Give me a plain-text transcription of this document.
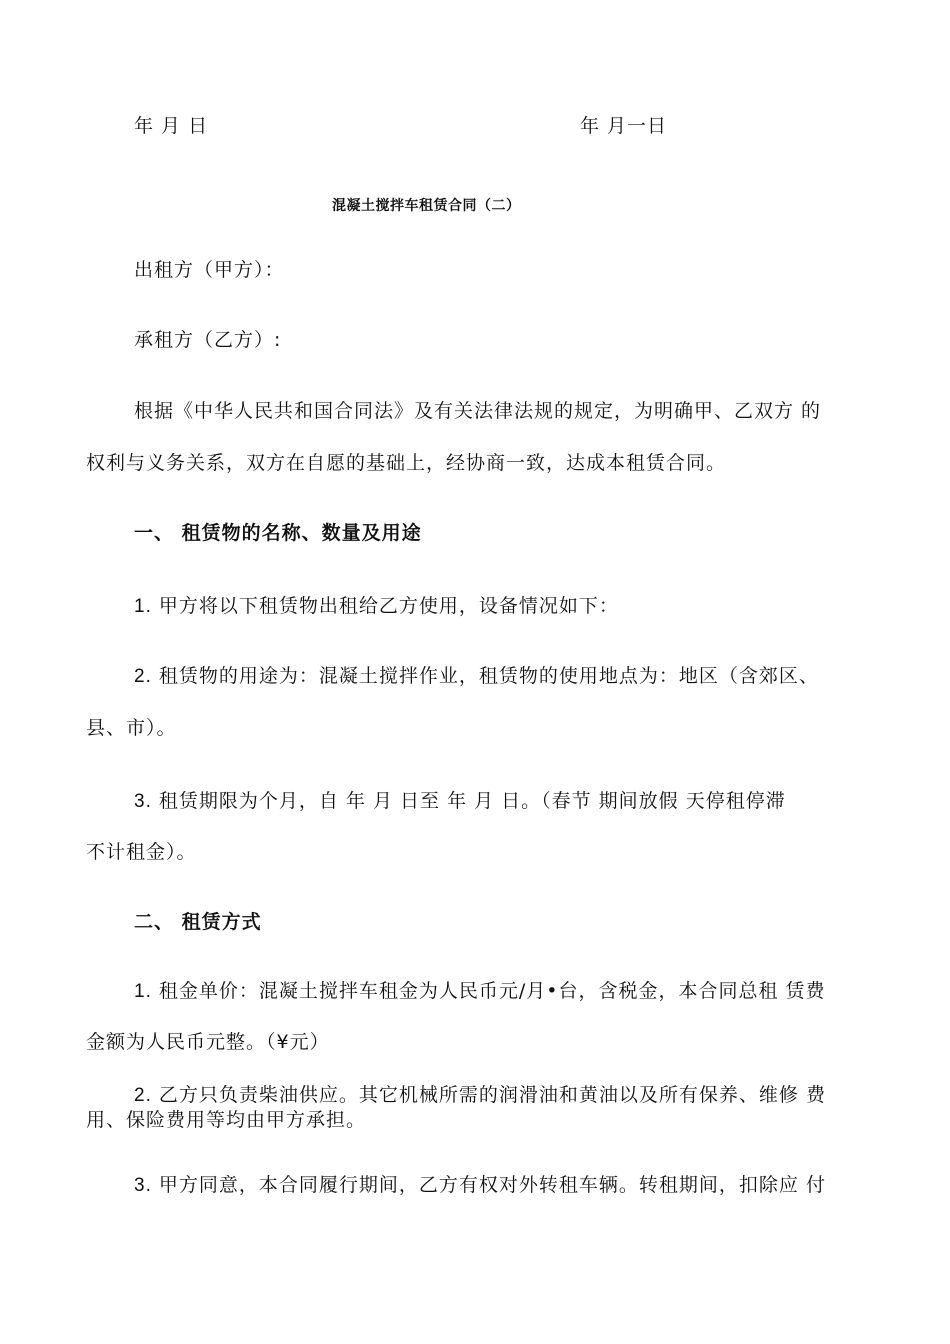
年 月 日	年 月一日
混凝土搅拌车租赁合同（二）
出租方（甲方）：
承租方（乙方）:
根据《中华人民共和国合同法》及有关法律法规的规定，为明确甲、乙双方 的
权利与义务关系，双方在自愿的基础上，经协商一致，达成本租赁合同。
一、 租赁物的名称、数量及用途
1. 甲方将以下租赁物出租给乙方使用，设备情况如下：
2. 租赁物的用途为：混凝土搅拌作业，租赁物的使用地点为：地区（含郊区、
县、市）。
3. 租赁期限为个月，自 年 月 日至 年 月 日。（春节 期间放假 天停租停滞
不计租金）。
二、 租赁方式
1. 租金单价：混凝土搅拌车租金为人民币元/月•台，含税金，本合同总租 赁费
金额为人民币元整。（¥元）
2. 乙方只负责柴油供应。其它机械所需的润滑油和黄油以及所有保养、维修 费
用、保险费用等均由甲方承担。
3. 甲方同意，本合同履行期间，乙方有权对外转租车辆。转租期间，扣除应 付
